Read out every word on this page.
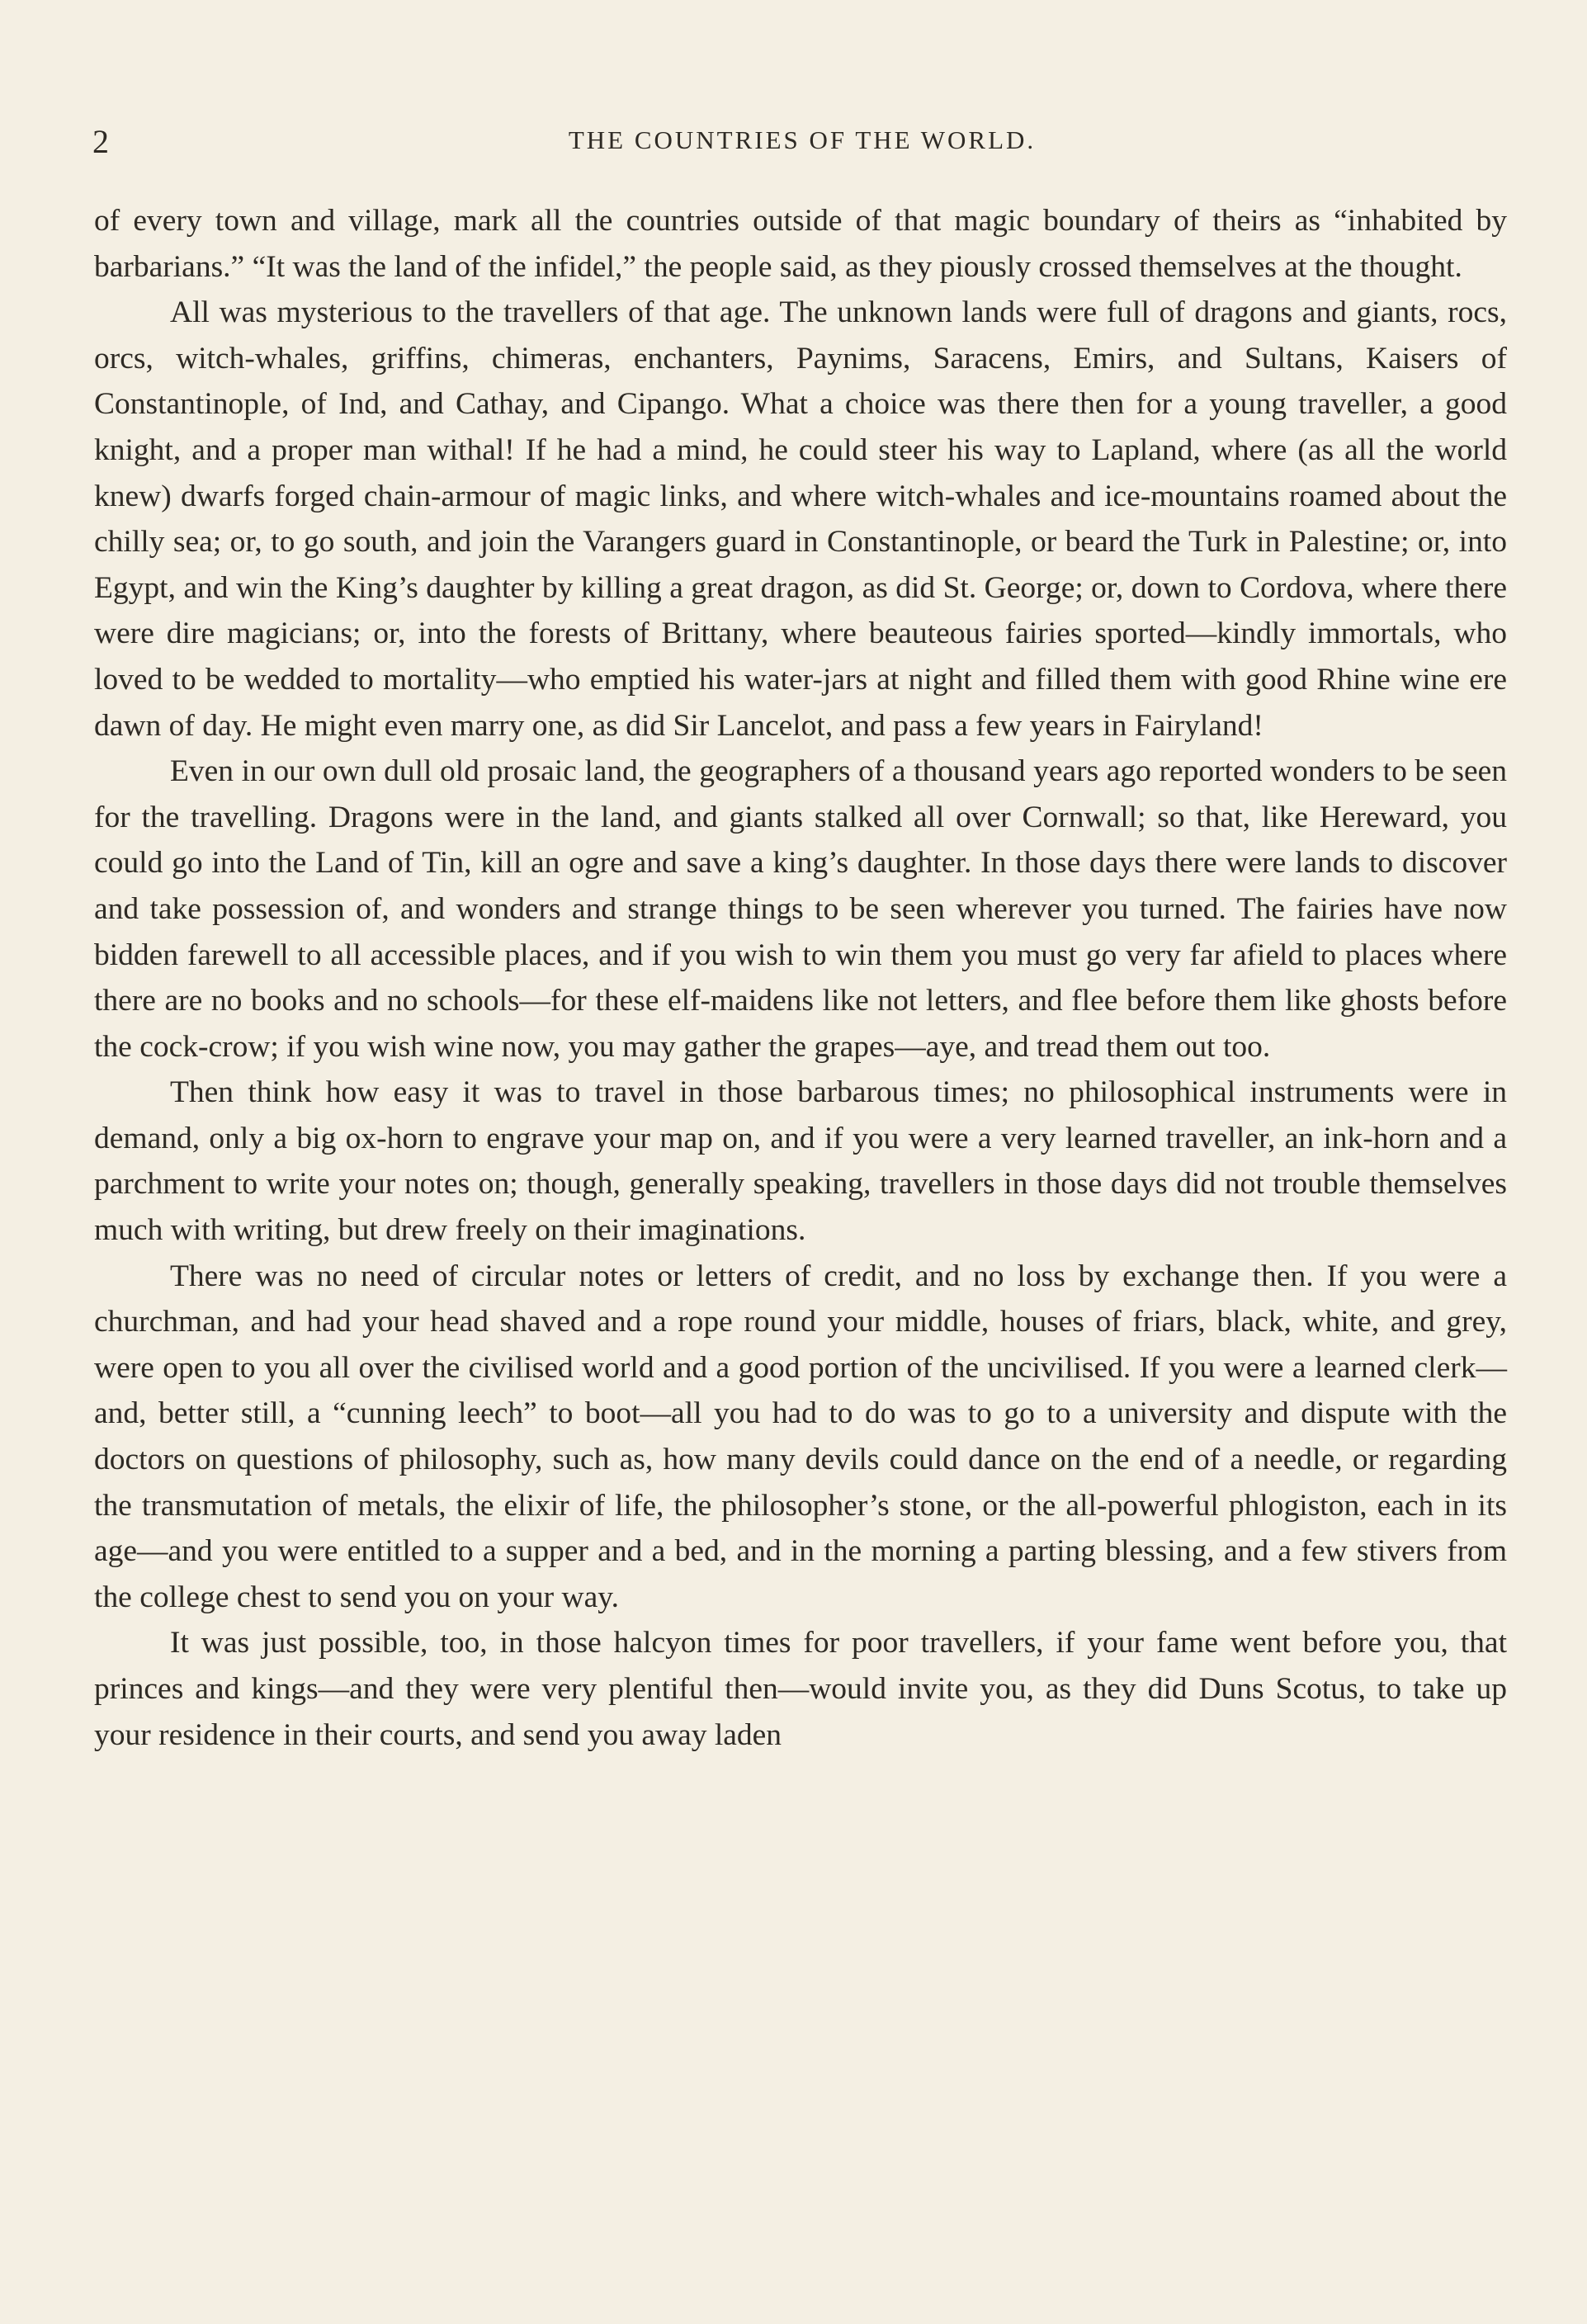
2	THE COUNTRIES OF THE WORLD.

of every town and village, mark all the countries outside of that magic boundary of theirs as “inhabited by barbarians.” “It was the land of the infidel,” the people said, as they piously crossed themselves at the thought.

All was mysterious to the travellers of that age. The unknown lands were full of dragons and giants, rocs, orcs, witch-whales, griffins, chimeras, enchanters, Paynims, Saracens, Emirs, and Sultans, Kaisers of Constantinople, of Ind, and Cathay, and Cipango. What a choice was there then for a young traveller, a good knight, and a proper man withal! If he had a mind, he could steer his way to Lapland, where (as all the world knew) dwarfs forged chain-armour of magic links, and where witch-whales and ice-mountains roamed about the chilly sea; or, to go south, and join the Varangers guard in Constantinople, or beard the Turk in Palestine; or, into Egypt, and win the King’s daughter by killing a great dragon, as did St. George; or, down to Cordova, where there were dire magicians; or, into the forests of Brittany, where beauteous fairies sported—kindly immortals, who loved to be wedded to mortality—who emptied his water-jars at night and filled them with good Rhine wine ere dawn of day. He might even marry one, as did Sir Lancelot, and pass a few years in Fairyland!

Even in our own dull old prosaic land, the geographers of a thousand years ago reported wonders to be seen for the travelling. Dragons were in the land, and giants stalked all over Cornwall; so that, like Hereward, you could go into the Land of Tin, kill an ogre and save a king’s daughter. In those days there were lands to discover and take possession of, and wonders and strange things to be seen wherever you turned. The fairies have now bidden farewell to all accessible places, and if you wish to win them you must go very far afield to places where there are no books and no schools—for these elf-maidens like not letters, and flee before them like ghosts before the cock-crow; if you wish wine now, you may gather the grapes—aye, and tread them out too.

Then think how easy it was to travel in those barbarous times; no philosophical instruments were in demand, only a big ox-horn to engrave your map on, and if you were a very learned traveller, an ink-horn and a parchment to write your notes on; though, generally speaking, travellers in those days did not trouble themselves much with writing, but drew freely on their imaginations.

There was no need of circular notes or letters of credit, and no loss by exchange then. If you were a churchman, and had your head shaved and a rope round your middle, houses of friars, black, white, and grey, were open to you all over the civilised world and a good portion of the uncivilised. If you were a learned clerk—and, better still, a “cunning leech” to boot—all you had to do was to go to a university and dispute with the doctors on questions of philosophy, such as, how many devils could dance on the end of a needle, or regarding the transmutation of metals, the elixir of life, the philosopher’s stone, or the all-powerful phlogiston, each in its age—and you were entitled to a supper and a bed, and in the morning a parting blessing, and a few stivers from the college chest to send you on your way.

It was just possible, too, in those halcyon times for poor travellers, if your fame went before you, that princes and kings—and they were very plentiful then—would invite you, as they did Duns Scotus, to take up your residence in their courts, and send you away laden
